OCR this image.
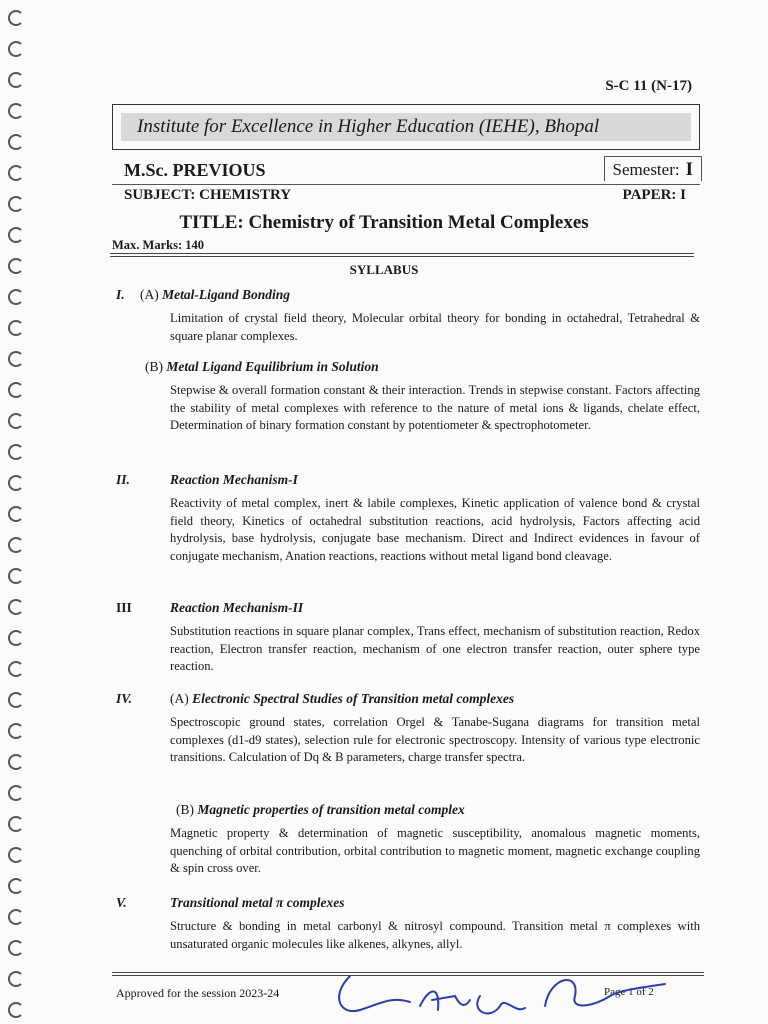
S-C 11 (N-17)
Institute for Excellence in Higher Education (IEHE), Bhopal
M.Sc. PREVIOUS	Semester: I
SUBJECT: CHEMISTRY	PAPER: I
TITLE: Chemistry of Transition Metal Complexes
Max. Marks: 140
SYLLABUS
I. (A) Metal-Ligand Bonding
Limitation of crystal field theory, Molecular orbital theory for bonding in octahedral, Tetrahedral & square planar complexes.
(B) Metal Ligand Equilibrium in Solution
Stepwise & overall formation constant & their interaction. Trends in stepwise constant. Factors affecting the stability of metal complexes with reference to the nature of metal ions & ligands, chelate effect, Determination of binary formation constant by potentiometer & spectrophotometer.
II.	Reaction Mechanism-I
Reactivity of metal complex, inert & labile complexes, Kinetic application of valence bond & crystal field theory, Kinetics of octahedral substitution reactions, acid hydrolysis, Factors affecting acid hydrolysis, base hydrolysis, conjugate base mechanism. Direct and Indirect evidences in favour of conjugate mechanism, Anation reactions, reactions without metal ligand bond cleavage.
III	Reaction Mechanism-II
Substitution reactions in square planar complex, Trans effect, mechanism of substitution reaction, Redox reaction, Electron transfer reaction, mechanism of one electron transfer reaction, outer sphere type reaction.
IV.	(A) Electronic Spectral Studies of Transition metal complexes
Spectroscopic ground states, correlation Orgel & Tanabe-Sugana diagrams for transition metal complexes (d1-d9 states), selection rule for electronic spectroscopy. Intensity of various type electronic transitions. Calculation of Dq & B parameters, charge transfer spectra.
(B) Magnetic properties of transition metal complex
Magnetic property & determination of magnetic susceptibility, anomalous magnetic moments, quenching of orbital contribution, orbital contribution to magnetic moment, magnetic exchange coupling & spin cross over.
V.	Transitional metal π complexes
Structure & bonding in metal carbonyl & nitrosyl compound. Transition metal π complexes with unsaturated organic molecules like alkenes, alkynes, allyl.
Approved for the session 2023-24	Page 1 of 2
